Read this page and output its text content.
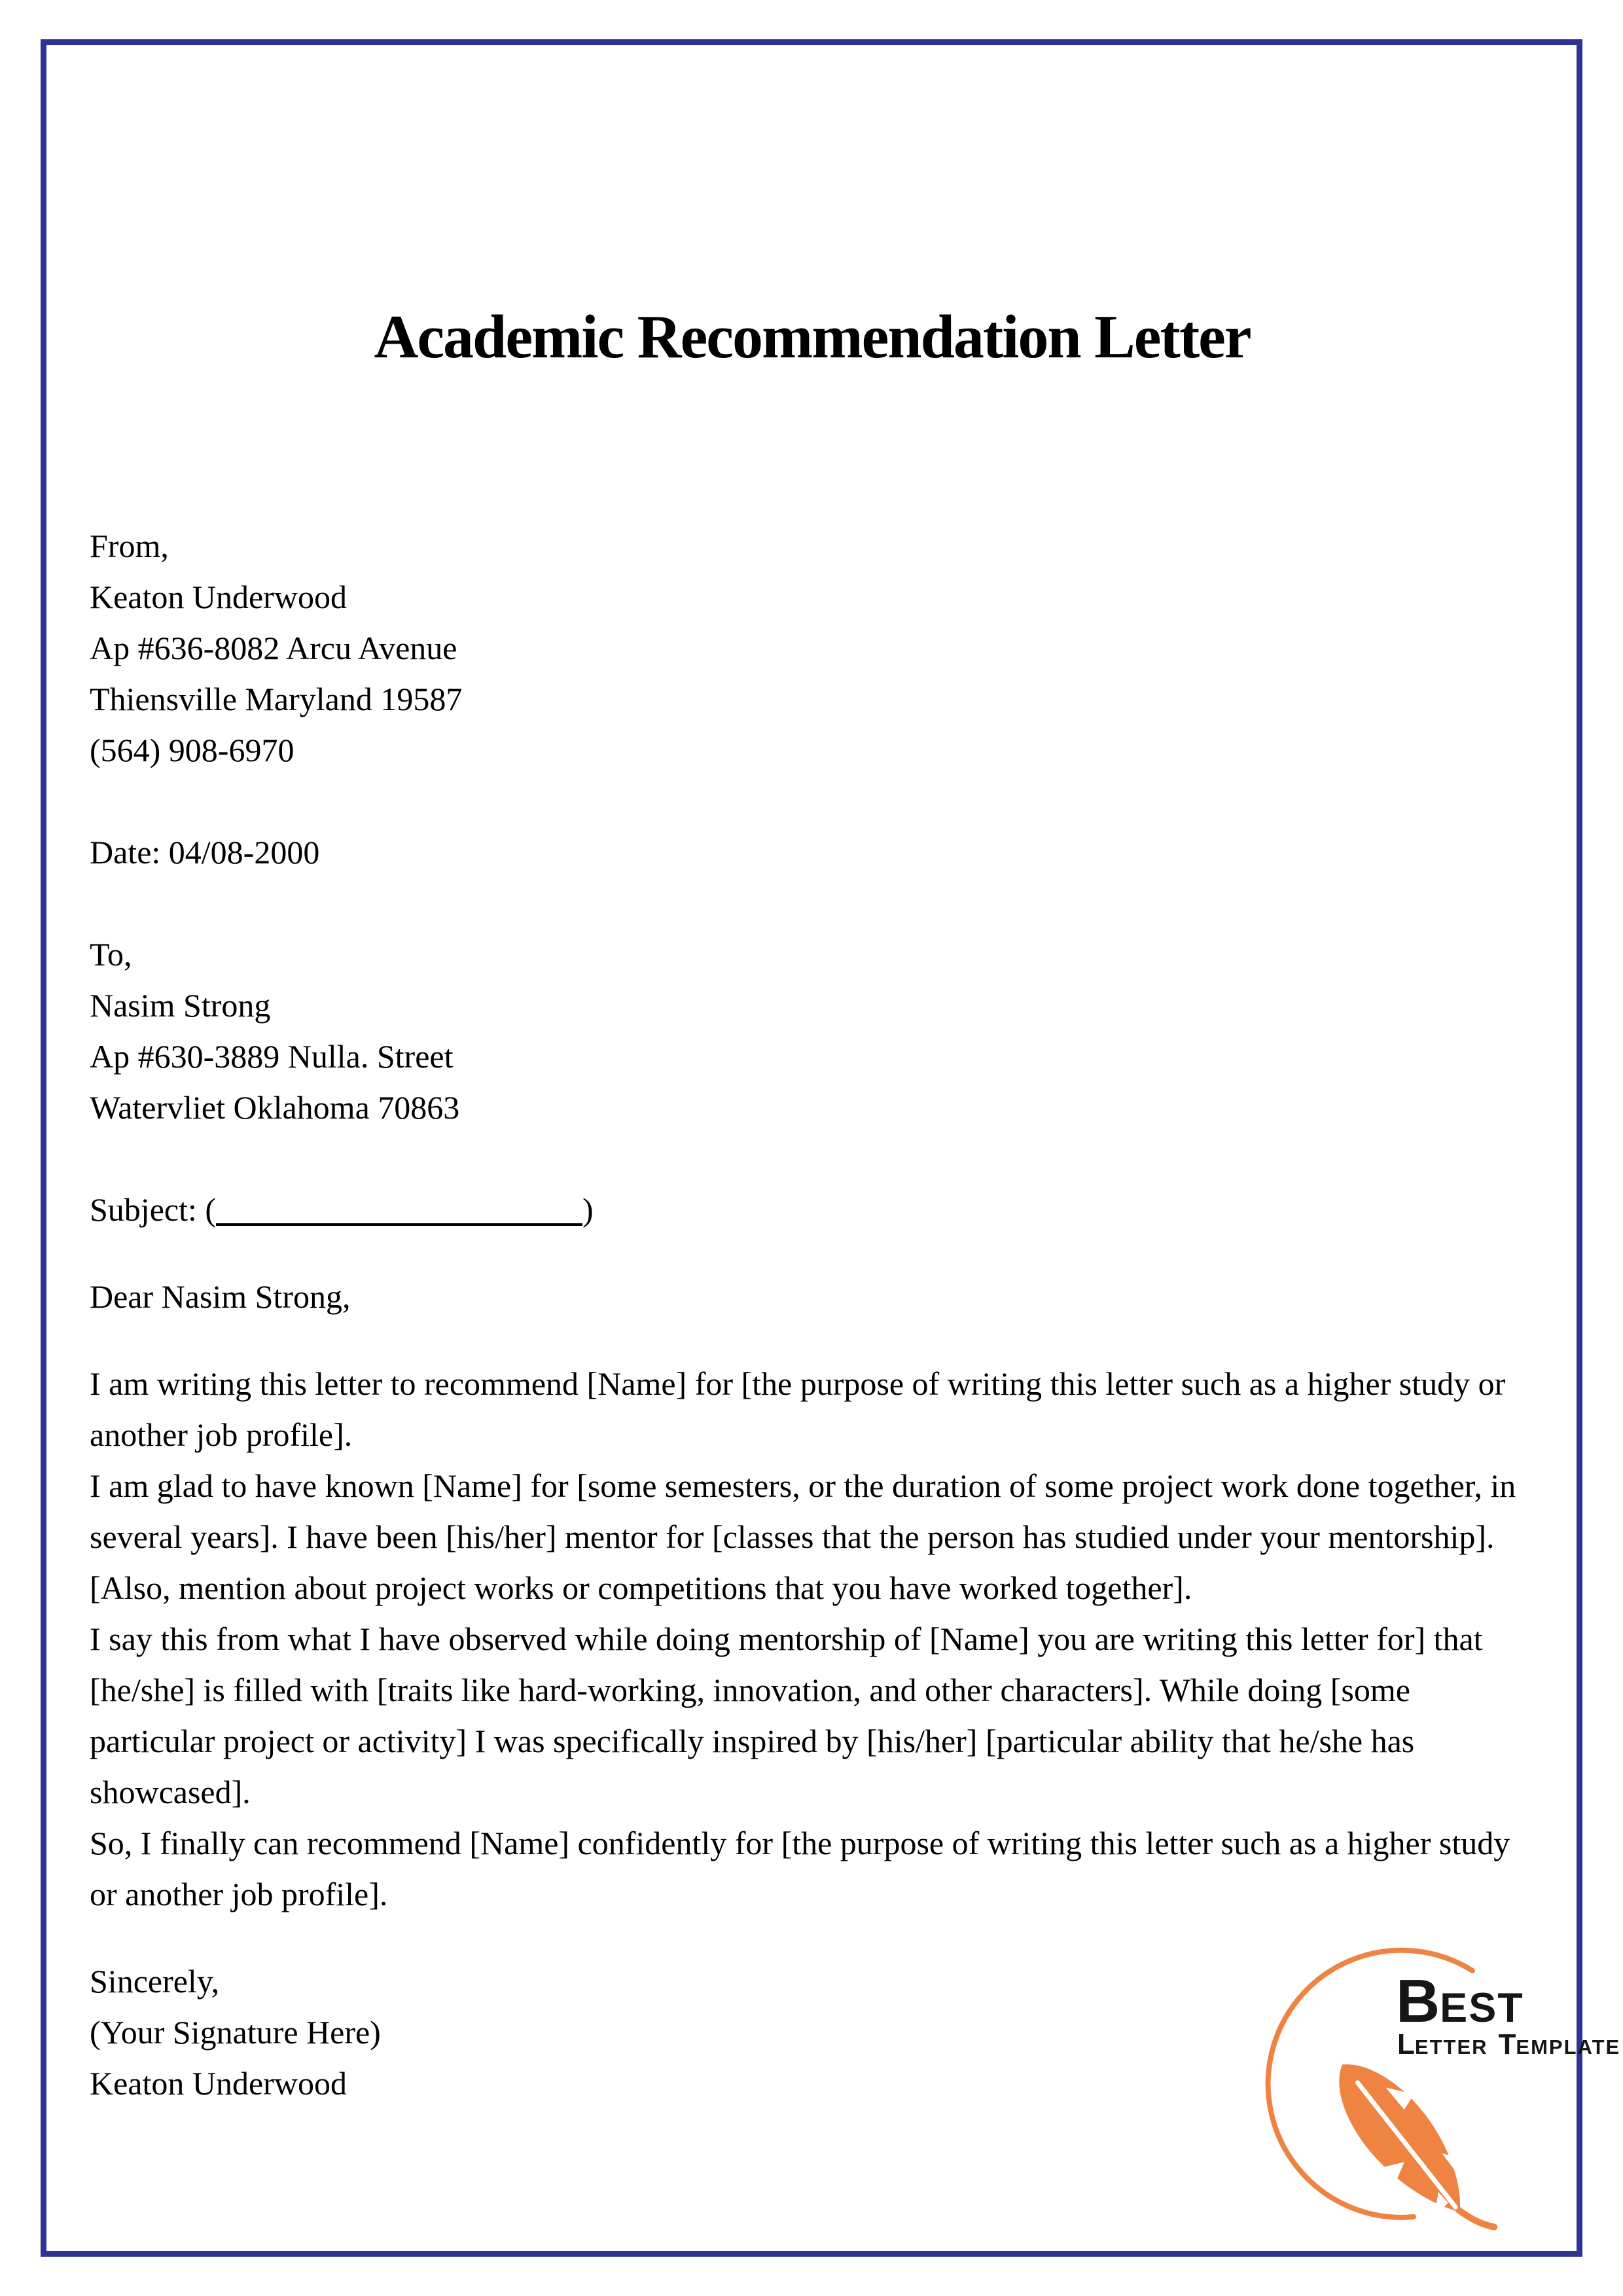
Academic Recommendation Letter
From,
Keaton Underwood
Ap #636-8082 Arcu Avenue
Thiensville Maryland 19587
(564) 908-6970
Date: 04/08-2000
To,
Nasim Strong
Ap #630-3889 Nulla. Street
Watervliet Oklahoma 70863
Subject: (	)
Dear Nasim Strong,
I am writing this letter to recommend [Name] for [the purpose of writing this letter such as a higher study or another job profile].
I am glad to have known [Name] for [some semesters, or the duration of some project work done together, in several years]. I have been [his/her] mentor for [classes that the person has studied under your mentorship]. [Also, mention about project works or competitions that you have worked together].
I say this from what I have observed while doing mentorship of [Name] you are writing this letter for] that [he/she] is filled with [traits like hard-working, innovation, and other characters]. While doing [some particular project or activity] I was specifically inspired by [his/her] [particular ability that he/she has showcased].
So, I finally can recommend [Name] confidently for [the purpose of writing this letter such as a higher study or another job profile].
Sincerely,
(Your Signature Here)
Keaton Underwood
B EST
LETTER TEMPLATE
